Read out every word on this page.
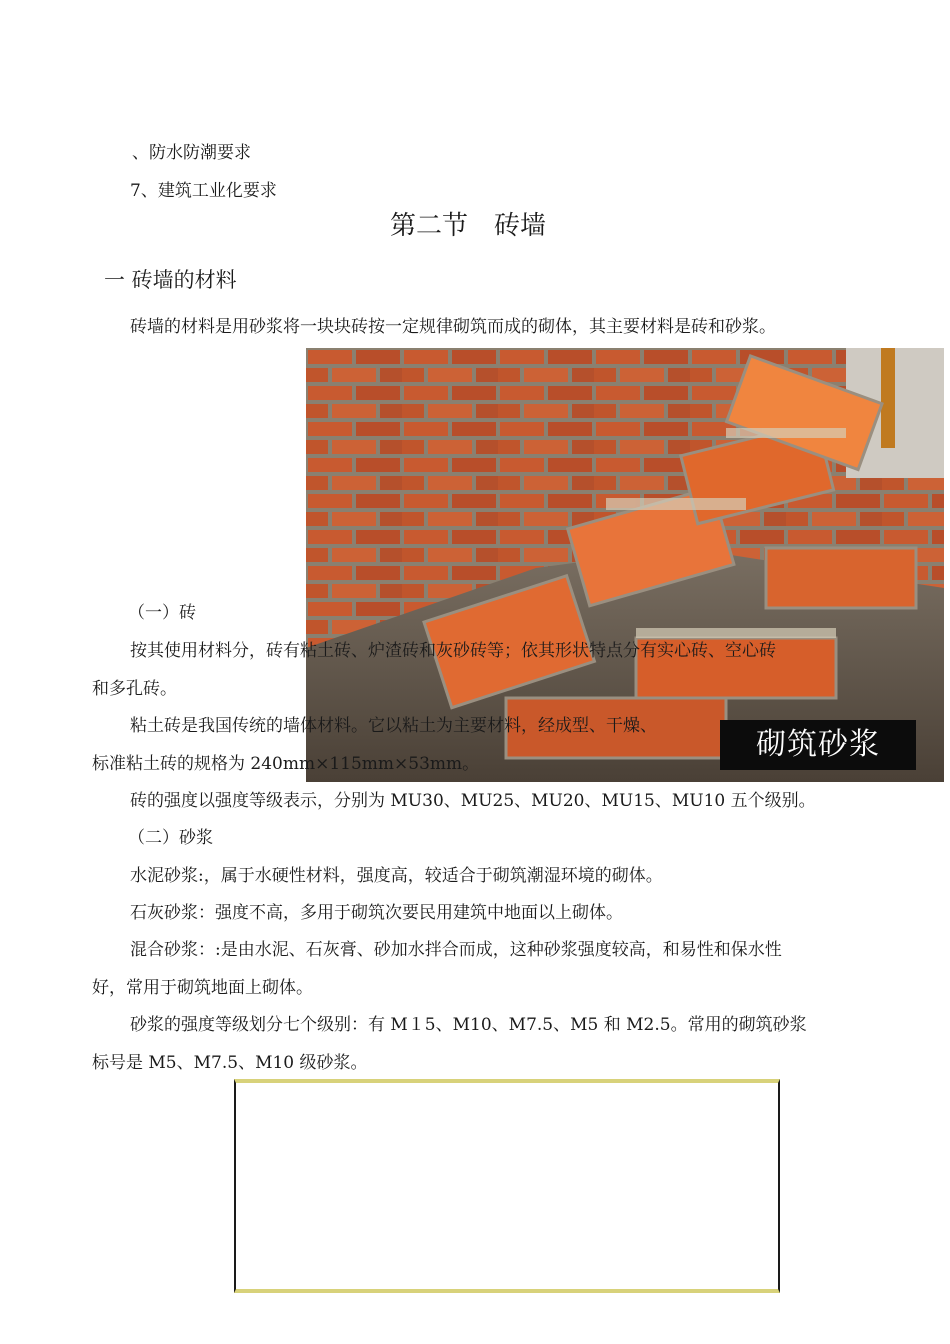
、防水防潮要求
7、建筑工业化要求
第二节　砖墙
一 砖墙的材料
砖墙的材料是用砂浆将一块块砖按一定规律砌筑而成的砌体，其主要材料是砖和砂浆。
砌筑砂浆
（一）砖
按其使用材料分，砖有粘土砖、炉渣砖和灰砂砖等；依其形状特点分有实心砖、空心砖
和多孔砖。
粘土砖是我国传统的墙体材料。它以粘土为主要材料，经成型、干燥、
标准粘土砖的规格为 240mm×115mm×53mm。
砖的强度以强度等级表示，分别为 MU30、MU25、MU20、MU15、MU10 五个级别。
（二）砂浆
水泥砂浆:，属于水硬性材料，强度高，较适合于砌筑潮湿环境的砌体。
石灰砂浆：强度不高，多用于砌筑次要民用建筑中地面以上砌体。
混合砂浆：:是由水泥、石灰膏、砂加水拌合而成，这种砂浆强度较高，和易性和保水性
好，常用于砌筑地面上砌体。
砂浆的强度等级划分七个级别：有 M１5、M10、M7.5、M5 和 M2.5。常用的砌筑砂浆
标号是 M5、M7.5、M10 级砂浆。
